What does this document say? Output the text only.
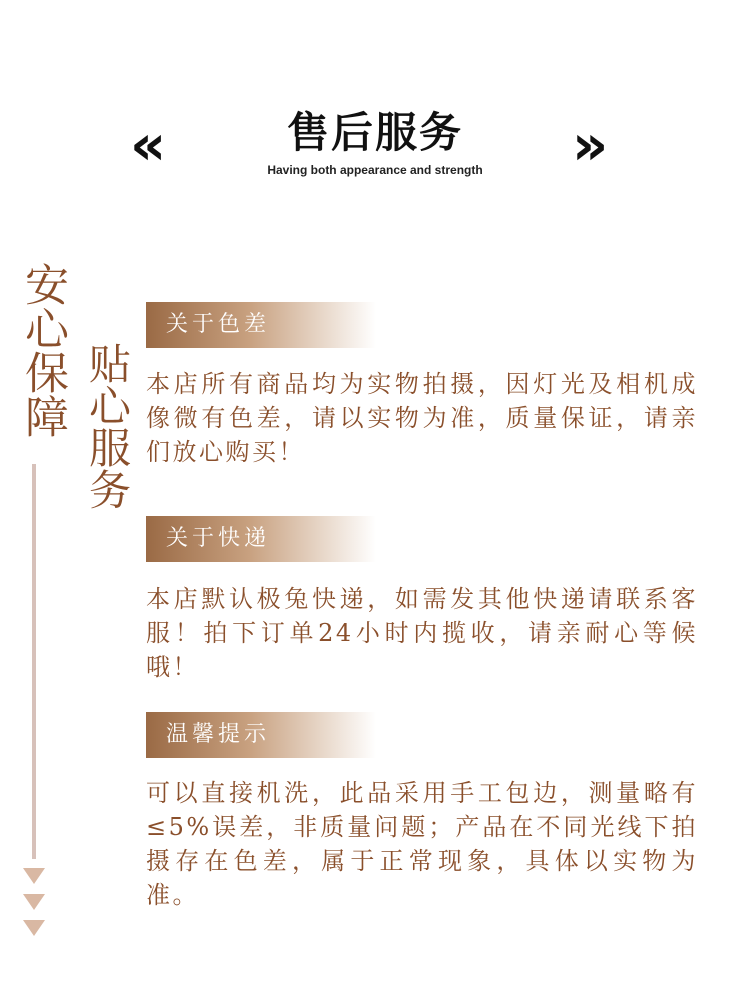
«	售后服务
Having both appearance and strength	»
安心保障 贴心服务
关于色差
本店所有商品均为实物拍摄，因灯光及相机成像微有色差，请以实物为准，质量保证，请亲们放心购买！
关于快递
本店默认极兔快递，如需发其他快递请联系客服！拍下订单24小时内揽收，请亲耐心等候哦！
温馨提示
可以直接机洗，此品采用手工包边，测量略有≤5%误差，非质量问题；产品在不同光线下拍摄存在色差，属于正常现象，具体以实物为准。
